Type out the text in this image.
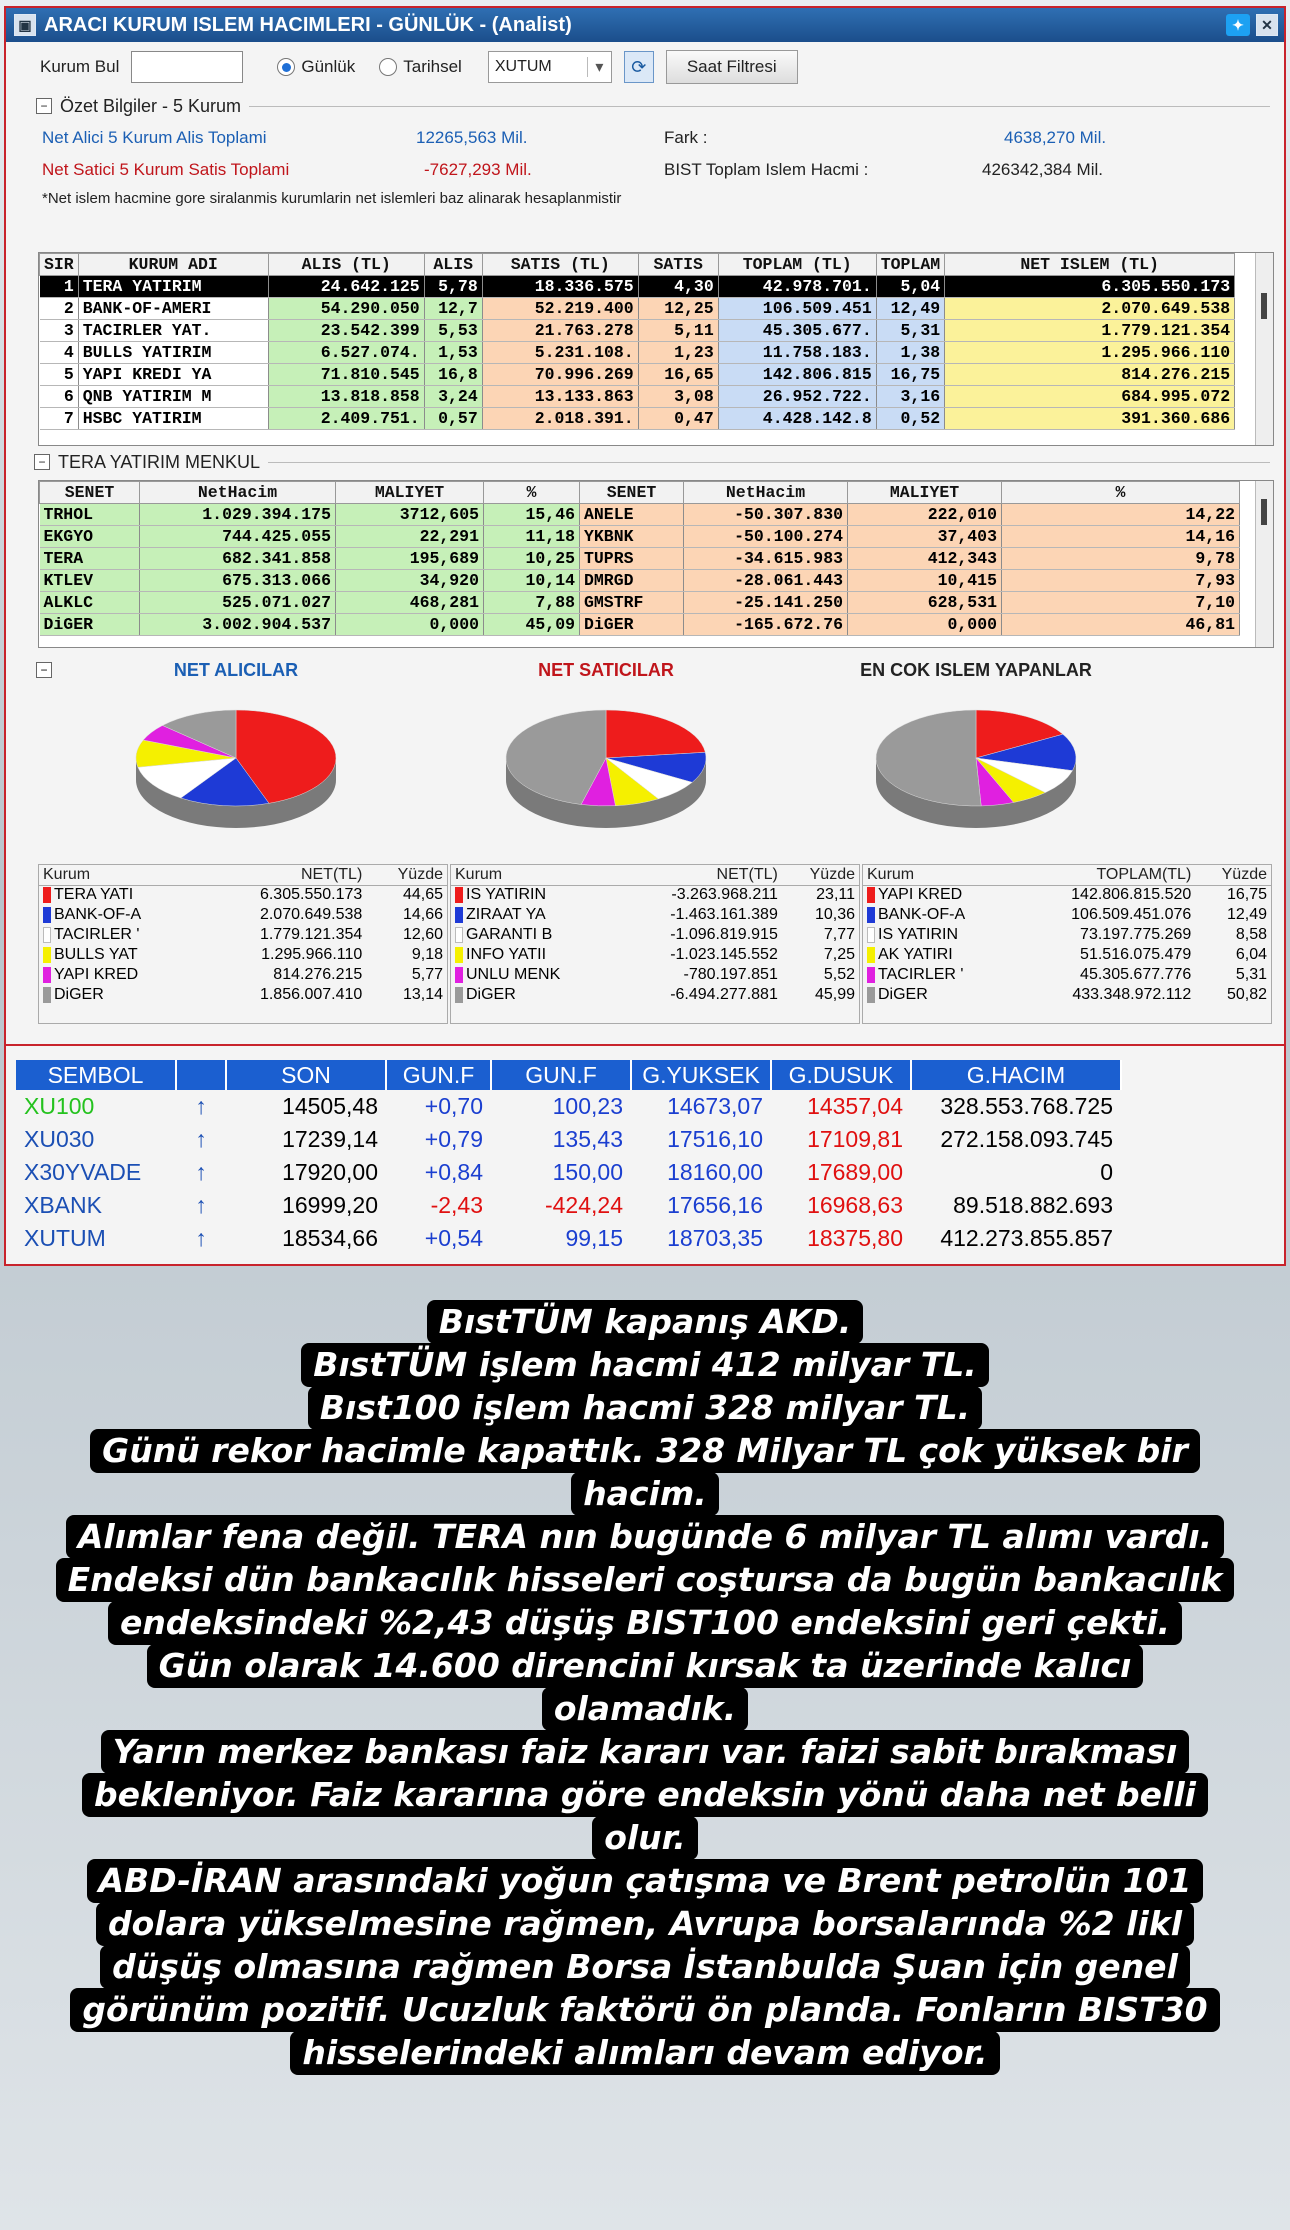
▣ ARACI KURUM ISLEM HACIMLERI - GÜNLÜK - (Analist)	✦	✕
Kurum Bul	Günlük	Tarihsel XUTUM	▾	⟳	Saat Filtresi
− Özet Bilgiler - 5 Kurum
Net Alici 5 Kurum Alis Toplami	12265,563 Mil.	Fark :	4638,270 Mil.
Net Satici 5 Kurum Satis Toplami	-7627,293 Mil.	BIST Toplam Islem Hacmi :	426342,384 Mil.
*Net islem hacmine gore siralanmis kurumlarin net islemleri baz alinarak hesaplanmistir
SIR	KURUM ADI	ALIS (TL)	ALIS	SATIS (TL)	SATIS	TOPLAM (TL)	TOPLAM	NET ISLEM (TL)
1	TERA YATIRIM	24.642.125	5,78	18.336.575	4,30	42.978.701.	5,04	6.305.550.173
2	BANK-OF-AMERI	54.290.050	12,7	52.219.400	12,25	106.509.451	12,49	2.070.649.538
3	TACIRLER YAT.	23.542.399	5,53	21.763.278	5,11	45.305.677.	5,31	1.779.121.354
4	BULLS YATIRIM	6.527.074.	1,53	5.231.108.	1,23	11.758.183.	1,38	1.295.966.110
5	YAPI KREDI YA	71.810.545	16,8	70.996.269	16,65	142.806.815	16,75	814.276.215
6	QNB YATIRIM M	13.818.858	3,24	13.133.863	3,08	26.952.722.	3,16	684.995.072
7	HSBC YATIRIM	2.409.751.	0,57	2.018.391.	0,47	4.428.142.8	0,52	391.360.686
− TERA YATIRIM MENKUL
SENET	NetHacim	MALIYET	%	SENET	NetHacim	MALIYET	%
TRHOL	1.029.394.175	3712,605	15,46	ANELE	-50.307.830	222,010	14,22
EKGYO	744.425.055	22,291	11,18	YKBNK	-50.100.274	37,403	14,16
TERA	682.341.858	195,689	10,25	TUPRS	-34.615.983	412,343	9,78
KTLEV	675.313.066	34,920	10,14	DMRGD	-28.061.443	10,415	7,93
ALKLC	525.071.027	468,281	7,88	GMSTRF	-25.141.250	628,531	7,10
DiGER	3.002.904.537	0,000	45,09	DiGER	-165.672.76	0,000	46,81
−	NET ALICILAR	NET SATICILAR	EN COK ISLEM YAPANLAR
Kurum	NET(TL)	Yüzde
TERA YATI	6.305.550.173	44,65
BANK-OF-A	2.070.649.538	14,66
TACIRLER '	1.779.121.354	12,60
BULLS YAT	1.295.966.110	9,18
YAPI KRED	814.276.215	5,77
DiGER	1.856.007.410	13,14
Kurum	NET(TL)	Yüzde
IS YATIRIN	-3.263.968.211	23,11
ZIRAAT YA	-1.463.161.389	10,36
GARANTI B	-1.096.819.915	7,77
INFO YATII	-1.023.145.552	7,25
UNLU MENK	-780.197.851	5,52
DiGER	-6.494.277.881	45,99
Kurum	TOPLAM(TL)	Yüzde
YAPI KRED	142.806.815.520	16,75
BANK-OF-A	106.509.451.076	12,49
IS YATIRIN	73.197.775.269	8,58
AK YATIRI	51.516.075.479	6,04
TACIRLER '	45.305.677.776	5,31
DiGER	433.348.972.112	50,82
SEMBOL		SON	GUN.F	GUN.F	G.YUKSEK	G.DUSUK	G.HACIM
XU100	↑	14505,48	+0,70	100,23	14673,07	14357,04	328.553.768.725
XU030	↑	17239,14	+0,79	135,43	17516,10	17109,81	272.158.093.745
X30YVADE	↑	17920,00	+0,84	150,00	18160,00	17689,00	0
XBANK	↑	16999,20	-2,43	-424,24	17656,16	16968,63	89.518.882.693
XUTUM	↑	18534,66	+0,54	99,15	18703,35	18375,80	412.273.855.857
BıstTÜM kapanış AKD.
BıstTÜM işlem hacmi 412 milyar TL.
Bıst100 işlem hacmi 328 milyar TL.
Günü rekor hacimle kapattık. 328 Milyar TL çok yüksek bir
hacim.
Alımlar fena değil. TERA nın bugünde 6 milyar TL alımı vardı.
Endeksi dün bankacılık hisseleri coştursa da bugün bankacılık
endeksindeki %2,43 düşüş BIST100 endeksini geri çekti.
Gün olarak 14.600 direncini kırsak ta üzerinde kalıcı
olamadık.
Yarın merkez bankası faiz kararı var. faizi sabit bırakması
bekleniyor. Faiz kararına göre endeksin yönü daha net belli
olur.
ABD-İRAN arasındaki yoğun çatışma ve Brent petrolün 101
dolara yükselmesine rağmen, Avrupa borsalarında %2 likl
düşüş olmasına rağmen Borsa İstanbulda Şuan için genel
görünüm pozitif. Ucuzluk faktörü ön planda. Fonların BIST30
hisselerindeki alımları devam ediyor.
